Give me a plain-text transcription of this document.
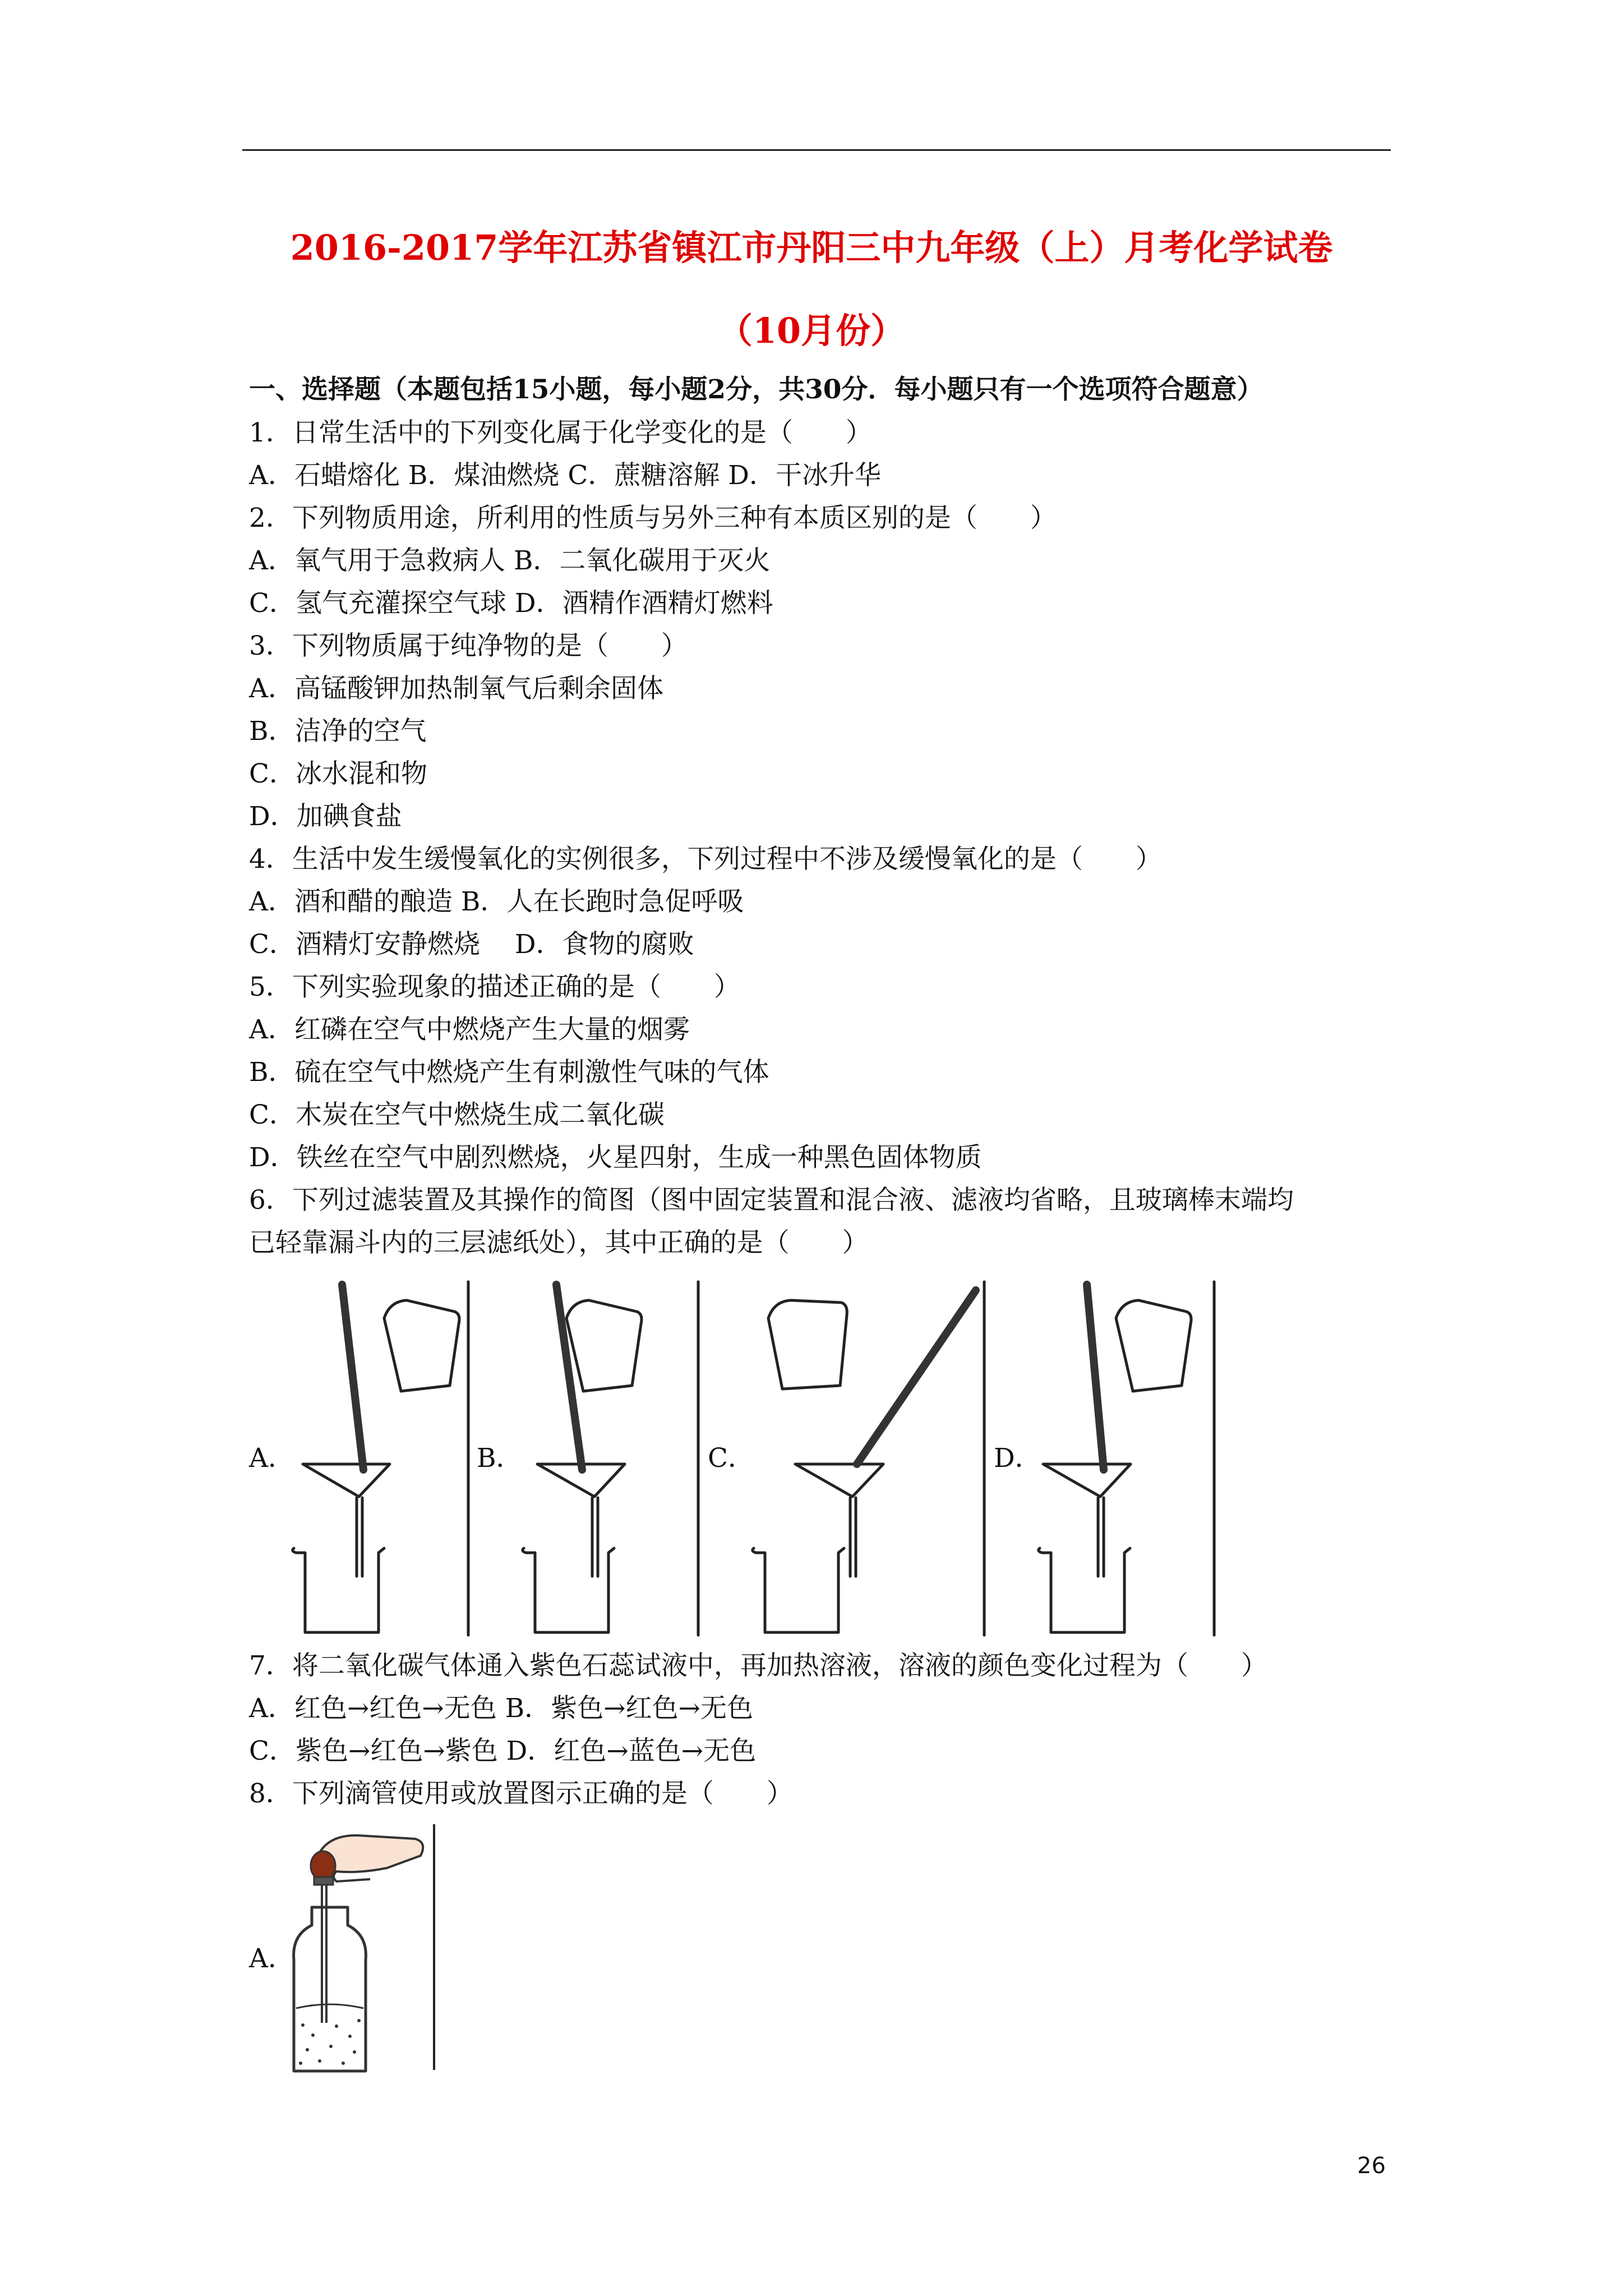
2016-2017学年江苏省镇江市丹阳三中九年级（上）月考化学试卷
（10月份）
一、选择题（本题包括15小题，每小题2分，共30分．每小题只有一个选项符合题意）
1．日常生活中的下列变化属于化学变化的是（　　）
A．石蜡熔化 B．煤油燃烧 C．蔗糖溶解 D．干冰升华
2．下列物质用途，所利用的性质与另外三种有本质区别的是（　　）
A．氧气用于急救病人 B．二氧化碳用于灭火
C．氢气充灌探空气球 D．酒精作酒精灯燃料
3．下列物质属于纯净物的是（　　）
A．高锰酸钾加热制氧气后剩余固体
B．洁净的空气
C．冰水混和物
D．加碘食盐
4．生活中发生缓慢氧化的实例很多，下列过程中不涉及缓慢氧化的是（　　）
A．酒和醋的酿造 B．人在长跑时急促呼吸
C．酒精灯安静燃烧　 D．食物的腐败
5．下列实验现象的描述正确的是（　　）
A．红磷在空气中燃烧产生大量的烟雾
B．硫在空气中燃烧产生有刺激性气味的气体
C．木炭在空气中燃烧生成二氧化碳
D．铁丝在空气中剧烈燃烧，火星四射，生成一种黑色固体物质
6．下列过滤装置及其操作的简图（图中固定装置和混合液、滤液均省略，且玻璃棒末端均
已轻靠漏斗内的三层滤纸处），其中正确的是（　　）
A．	B．	C．	D．
7．将二氧化碳气体通入紫色石蕊试液中，再加热溶液，溶液的颜色变化过程为（　　）
A．红色→红色→无色 B．紫色→红色→无色
C．紫色→红色→紫色 D．红色→蓝色→无色
8．下列滴管使用或放置图示正确的是（　　）
A．
26
